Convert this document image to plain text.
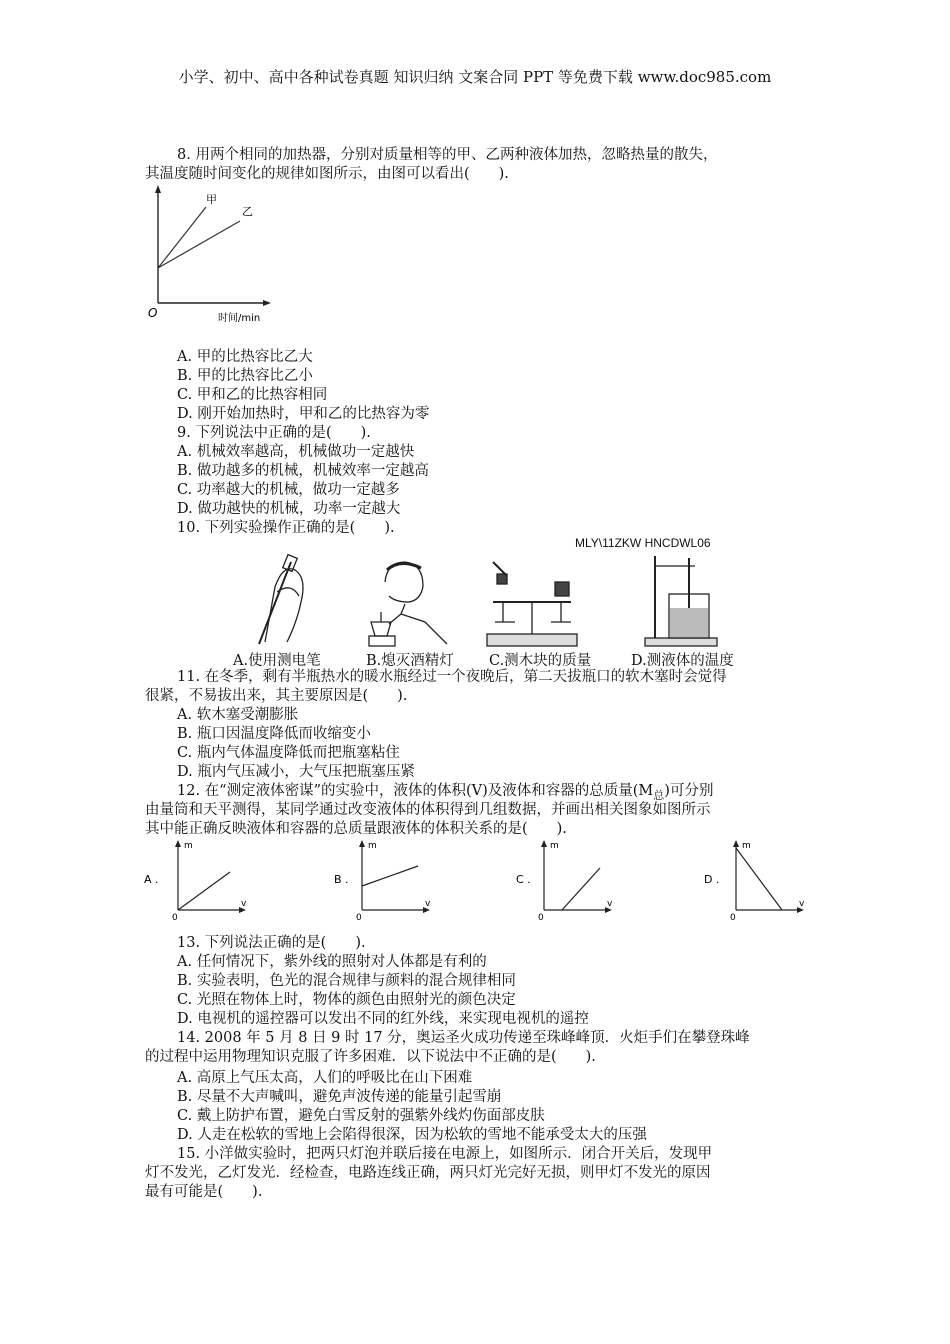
小学、初中、高中各种试卷真题 知识归纳 文案合同 PPT 等免费下载 www.doc985.com
8. 用两个相同的加热器，分别对质量相等的甲、乙两种液体加热，忽略热量的散失，
其温度随时间变化的规律如图所示，由图可以看出(　　).
甲
乙
O	时间/min
A. 甲的比热容比乙大
B. 甲的比热容比乙小
C. 甲和乙的比热容相同
D. 刚开始加热时，甲和乙的比热容为零
9. 下列说法中正确的是(　　).
A. 机械效率越高，机械做功一定越快
B. 做功越多的机械，机械效率一定越高
C. 功率越大的机械，做功一定越多
D. 做功越快的机械，功率一定越大
10. 下列实验操作正确的是(　　).
MLY\11ZKW HNCDWL06
A.使用测电笔	B.熄灭酒精灯 C.测木块的质量	D.测液体的温度
11. 在冬季，剩有半瓶热水的暖水瓶经过一个夜晚后，第二天拔瓶口的软木塞时会觉得
很紧，不易拔出来，其主要原因是(　　).
A. 软木塞受潮膨胀
B. 瓶口因温度降低而收缩变小
C. 瓶内气体温度降低而把瓶塞粘住
D. 瓶内气压减小，大气压把瓶塞压紧
12. 在“测定液体密谋”的实验中，液体的体积(V)及液体和容器的总质量$(M_总)$可分别
由量筒和天平测得，某同学通过改变液体的体积得到几组数据，并画出相关图象如图所示
其中能正确反映液体和容器的总质量跟液体的体积关系的是(　　).
A .
m
v
0
B .
m
v
0
C .
m
v
0
D .
m
v
0
13. 下列说法正确的是(　　).
A. 任何情况下，紫外线的照射对人体都是有利的
B. 实验表明，色光的混合规律与颜料的混合规律相同
C. 光照在物体上时，物体的颜色由照射光的颜色决定
D. 电视机的遥控器可以发出不同的红外线，来实现电视机的遥控
14. 2008 年 5 月 8 日 9 时 17 分，奥运圣火成功传递至珠峰峰顶．火炬手们在攀登珠峰
的过程中运用物理知识克服了许多困难．以下说法中不正确的是(　　).
A. 高原上气压太高，人们的呼吸比在山下困难
B. 尽量不大声喊叫，避免声波传递的能量引起雪崩
C. 戴上防护布置，避免白雪反射的强紫外线灼伤面部皮肤
D. 人走在松软的雪地上会陷得很深，因为松软的雪地不能承受太大的压强
15. 小洋做实验时，把两只灯泡并联后接在电源上，如图所示．闭合开关后，发现甲
灯不发光，乙灯发光．经检查，电路连线正确，两只灯光完好无损，则甲灯不发光的原因
最有可能是(　　).
